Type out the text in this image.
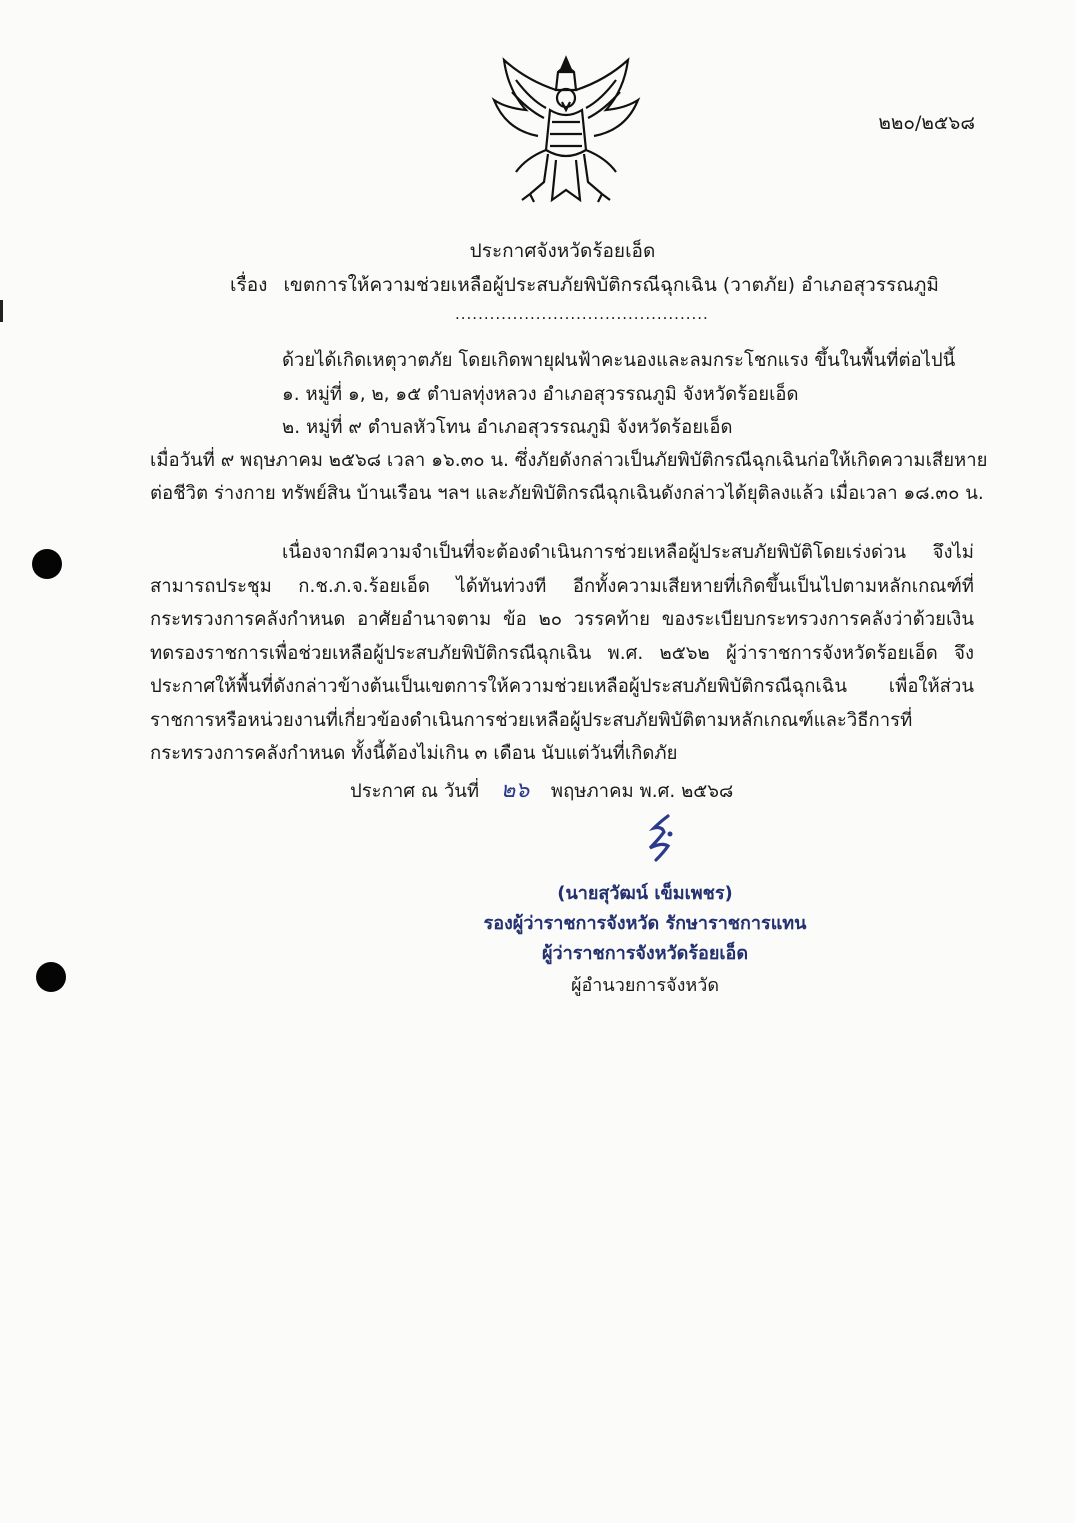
๒๒๐/๒๕๖๘
ประกาศจังหวัดร้อยเอ็ด
เรื่อง เขตการให้ความช่วยเหลือผู้ประสบภัยพิบัติกรณีฉุกเฉิน (วาตภัย) อำเภอสุวรรณภูมิ
............................................
ด้วยได้เกิดเหตุวาตภัย โดยเกิดพายุฝนฟ้าคะนองและลมกระโชกแรง ขึ้นในพื้นที่ต่อไปนี้
๑. หมู่ที่ ๑, ๒, ๑๕ ตำบลทุ่งหลวง อำเภอสุวรรณภูมิ จังหวัดร้อยเอ็ด
๒. หมู่ที่ ๙ ตำบลหัวโทน อำเภอสุวรรณภูมิ จังหวัดร้อยเอ็ด
เมื่อวันที่ ๙ พฤษภาคม ๒๕๖๘ เวลา ๑๖.๓๐ น. ซึ่งภัยดังกล่าวเป็นภัยพิบัติกรณีฉุกเฉินก่อให้เกิดความเสียหาย
ต่อชีวิต ร่างกาย ทรัพย์สิน บ้านเรือน ฯลฯ และภัยพิบัติกรณีฉุกเฉินดังกล่าวได้ยุติลงแล้ว เมื่อเวลา ๑๘.๓๐ น.
เนื่องจากมีความจำเป็นที่จะต้องดำเนินการช่วยเหลือผู้ประสบภัยพิบัติโดยเร่งด่วน จึงไม่สามารถประชุม ก.ช.ภ.จ.ร้อยเอ็ด ได้ทันท่วงที อีกทั้งความเสียหายที่เกิดขึ้นเป็นไปตามหลักเกณฑ์ที่กระทรวงการคลังกำหนด อาศัยอำนาจตาม ข้อ ๒๐ วรรคท้าย ของระเบียบกระทรวงการคลังว่าด้วยเงินทดรองราชการเพื่อช่วยเหลือผู้ประสบภัยพิบัติกรณีฉุกเฉิน พ.ศ. ๒๕๖๒ ผู้ว่าราชการจังหวัดร้อยเอ็ด จึงประกาศให้พื้นที่ดังกล่าวข้างต้นเป็นเขตการให้ความช่วยเหลือผู้ประสบภัยพิบัติกรณีฉุกเฉิน เพื่อให้ส่วนราชการหรือหน่วยงานที่เกี่ยวข้องดำเนินการช่วยเหลือผู้ประสบภัยพิบัติตามหลักเกณฑ์และวิธีการที่กระทรวงการคลังกำหนด ทั้งนี้ต้องไม่เกิน ๓ เดือน นับแต่วันที่เกิดภัย
ประกาศ ณ วันที่ ๒๖ พฤษภาคม พ.ศ. ๒๕๖๘
(นายสุวัฒน์ เข็มเพชร)
รองผู้ว่าราชการจังหวัด รักษาราชการแทน
ผู้ว่าราชการจังหวัดร้อยเอ็ด
ผู้อำนวยการจังหวัด
